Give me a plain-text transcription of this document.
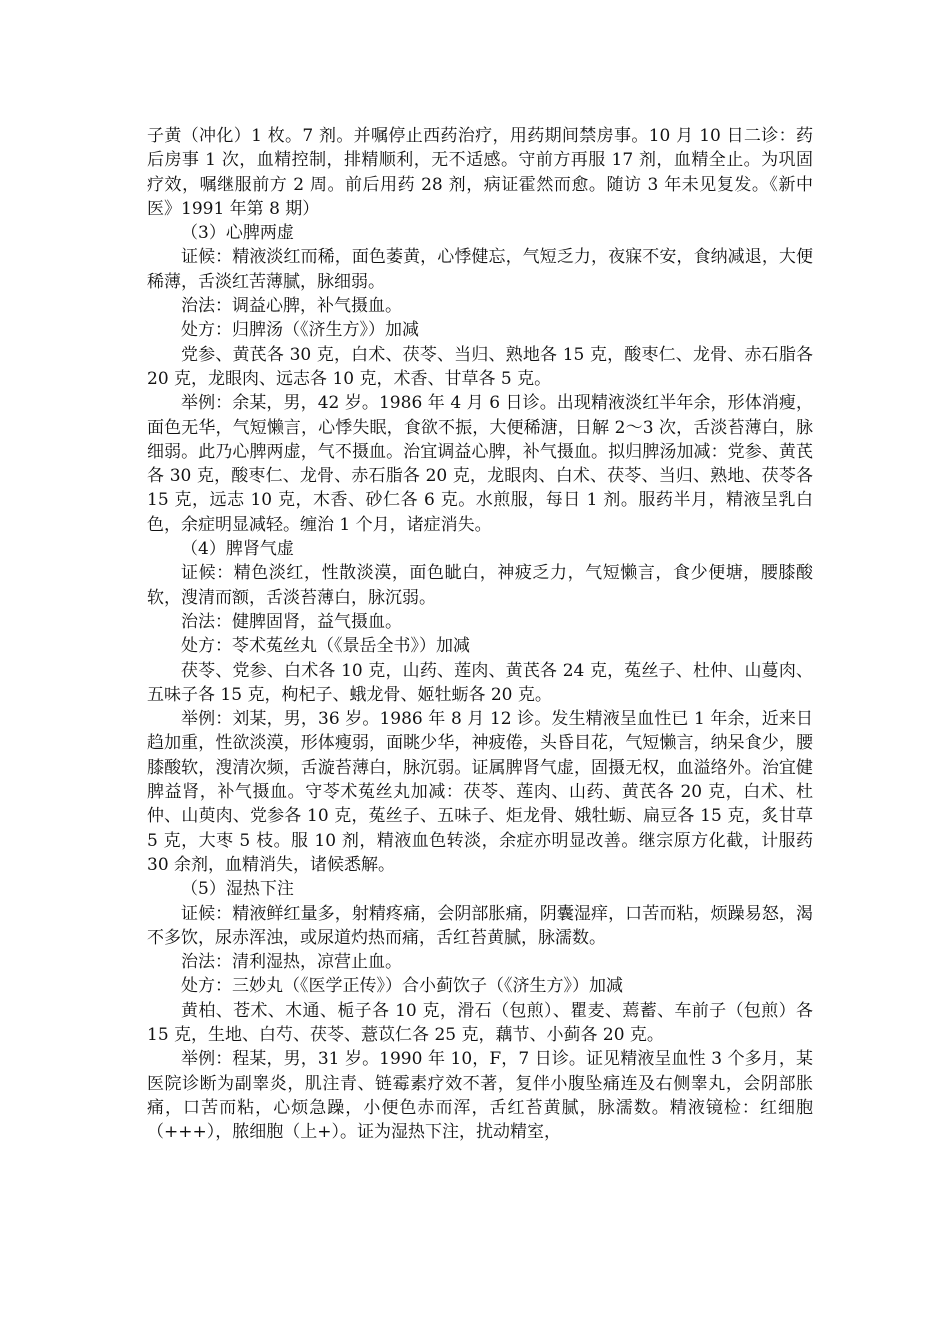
子黄（冲化）1 枚。7 剂。并嘱停止西药治疗，用药期间禁房事。10 月 10 日二诊：药后房事 1 次，血精控制，排精顺利，无不适感。守前方再服 17 剂，血精全止。为巩固疗效，嘱继服前方 2 周。前后用药 28 剂，病证霍然而愈。随访 3 年未见复发。《新中医》1991 年第 8 期）

（3）心脾两虚

证候：精液淡红而稀，面色萎黄，心悸健忘，气短乏力，夜寐不安，食纳减退，大便稀薄，舌淡红苦薄腻，脉细弱。

治法：调益心脾，补气摄血。

处方：归脾汤（《济生方》）加减

党参、黄芪各 30 克，白术、茯苓、当归、熟地各 15 克，酸枣仁、龙骨、赤石脂各 20 克，龙眼肉、远志各 10 克，术香、甘草各 5 克。

举例：余某，男，42 岁。1986 年 4 月 6 日诊。出现精液淡红半年余，形体消瘦，面色无华，气短懒言，心悸失眠，食欲不振，大便稀溏，日解 2～3 次，舌淡苔薄白，脉细弱。此乃心脾两虚，气不摄血。治宜调益心脾，补气摄血。拟归脾汤加减：党参、黄芪各 30 克，酸枣仁、龙骨、赤石脂各 20 克，龙眼肉、白术、茯苓、当归、熟地、茯苓各 15 克，远志 10 克，木香、砂仁各 6 克。水煎服，每日 1 剂。服药半月，精液呈乳白色，余症明显减轻。缠治 1 个月，诸症消失。

（4）脾肾气虚

证候：精色淡红，性散淡漠，面色眦白，神疲乏力，气短懒言，食少便塘，腰膝酸软，溲清而额，舌淡苔薄白，脉沉弱。

治法：健脾固肾，益气摄血。

处方：苓术菟丝丸（《景岳全书》）加减

茯苓、党参、白术各 10 克，山药、莲肉、黄芪各 24 克，菟丝子、杜仲、山蔓肉、五味子各 15 克，枸杞子、蛾龙骨、姬牡蛎各 20 克。

举例：刘某，男，36 岁。1986 年 8 月 12 诊。发生精液呈血性已 1 年余，近来日趋加重，性欲淡漠，形体瘦弱，面眺少华，神疲倦，头昏目花，气短懒言，纳呆食少，腰膝酸软，溲清次频，舌漩苔薄白，脉沉弱。证属脾肾气虚，固摄无权，血溢络外。治宜健脾益肾，补气摄血。守苓术菟丝丸加减：茯苓、莲肉、山药、黄芪各 20 克，白术、杜仲、山萸肉、党参各 10 克，菟丝子、五味子、炬龙骨、娥牡蛎、扁豆各 15 克，炙甘草 5 克，大枣 5 枝。服 10 剂，精液血色转淡，余症亦明显改善。继宗原方化截，计服药 30 余剂，血精消失，诸候悉解。

（5）湿热下注

证候：精液鲜红量多，射精疼痛，会阴部胀痛，阴囊湿痒，口苦而粘，烦躁易怒，渴不多饮，尿赤浑浊，或尿道灼热而痛，舌红苔黄腻，脉濡数。

治法：清利湿热，凉营止血。

处方：三妙丸（《医学正传》）合小蓟饮子（《济生方》）加减

黄柏、苍术、木通、栀子各 10 克，滑石（包煎）、瞿麦、蔫蓄、车前子（包煎）各 15 克，生地、白芍、茯苓、薏苡仁各 25 克，藕节、小蓟各 20 克。

举例：程某，男，31 岁。1990 年 10，F，7 日诊。证见精液呈血性 3 个多月，某医院诊断为副睾炎，肌注青、链霉素疗效不著，复伴小腹坠痛连及右侧睾丸，会阴部胀痛，口苦而粘，心烦急躁，小便色赤而浑，舌红苔黄腻，脉濡数。精液镜检：红细胞（+++），脓细胞（上+）。证为湿热下注，扰动精室，
